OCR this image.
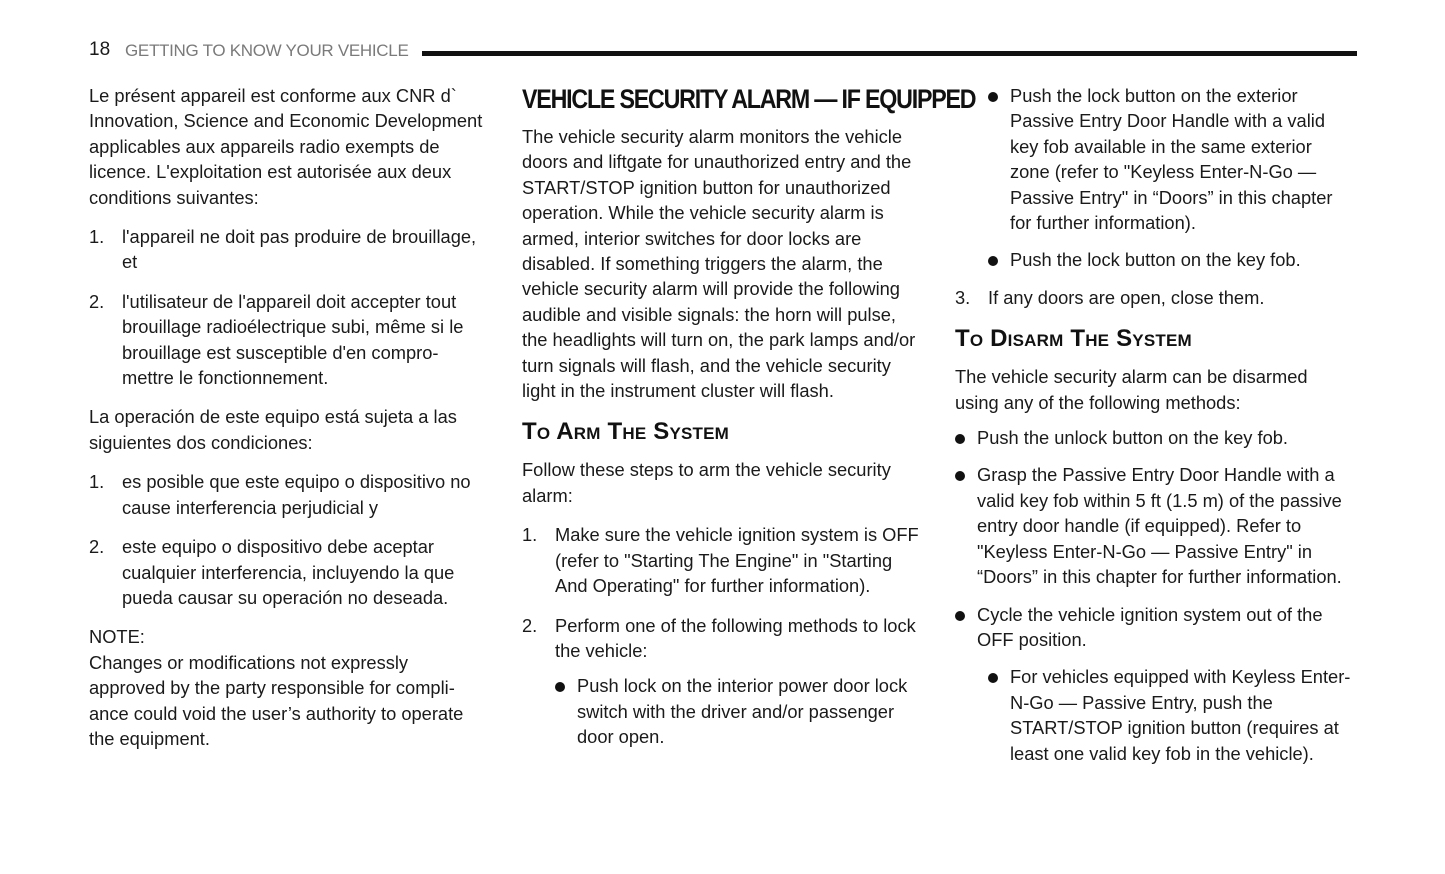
18 GETTING TO KNOW YOUR VEHICLE

Le présent appareil est conforme aux CNR d` Innovation, Science and Economic Development applicables aux appareils radio exempts de licence. L'exploitation est autorisée aux deux conditions suivantes:

1. l'appareil ne doit pas produire de brouillage, et
2. l'utilisateur de l'appareil doit accepter tout brouillage radioélectrique subi, même si le brouillage est susceptible d'en compro-mettre le fonctionnement.

La operación de este equipo está sujeta a las siguientes dos condiciones:

1. es posible que este equipo o dispositivo no cause interferencia perjudicial y
2. este equipo o dispositivo debe aceptar cualquier interferencia, incluyendo la que pueda causar su operación no deseada.

NOTE:

Changes or modifications not expressly approved by the party responsible for compli-ance could void the user’s authority to operate the equipment.

VEHICLE SECURITY ALARM — IF EQUIPPED

The vehicle security alarm monitors the vehicle doors and liftgate for unauthorized entry and the START/STOP ignition button for unauthorized operation. While the vehicle security alarm is armed, interior switches for door locks are disabled. If something triggers the alarm, the vehicle security alarm will provide the following audible and visible signals: the horn will pulse, the headlights will turn on, the park lamps and/or turn signals will flash, and the vehicle security light in the instrument cluster will flash.

To Arm The System

Follow these steps to arm the vehicle security alarm:

1. Make sure the vehicle ignition system is OFF (refer to "Starting The Engine" in "Starting And Operating" for further information).
2. Perform one of the following methods to lock the vehicle:
Push lock on the interior power door lock switch with the driver and/or passenger door open.
Push the lock button on the exterior Passive Entry Door Handle with a valid key fob available in the same exterior zone (refer to "Keyless Enter-N-Go — Passive Entry" in “Doors” in this chapter for further information).
Push the lock button on the key fob.
3. If any doors are open, close them.
To Disarm The System

The vehicle security alarm can be disarmed using any of the following methods:

Push the unlock button on the key fob.
Grasp the Passive Entry Door Handle with a valid key fob within 5 ft (1.5 m) of the passive entry door handle (if equipped). Refer to "Keyless Enter-N-Go — Passive Entry" in “Doors” in this chapter for further information.
Cycle the vehicle ignition system out of the OFF position.
For vehicles equipped with Keyless Enter-N-Go — Passive Entry, push the START/STOP ignition button (requires at least one valid key fob in the vehicle).
